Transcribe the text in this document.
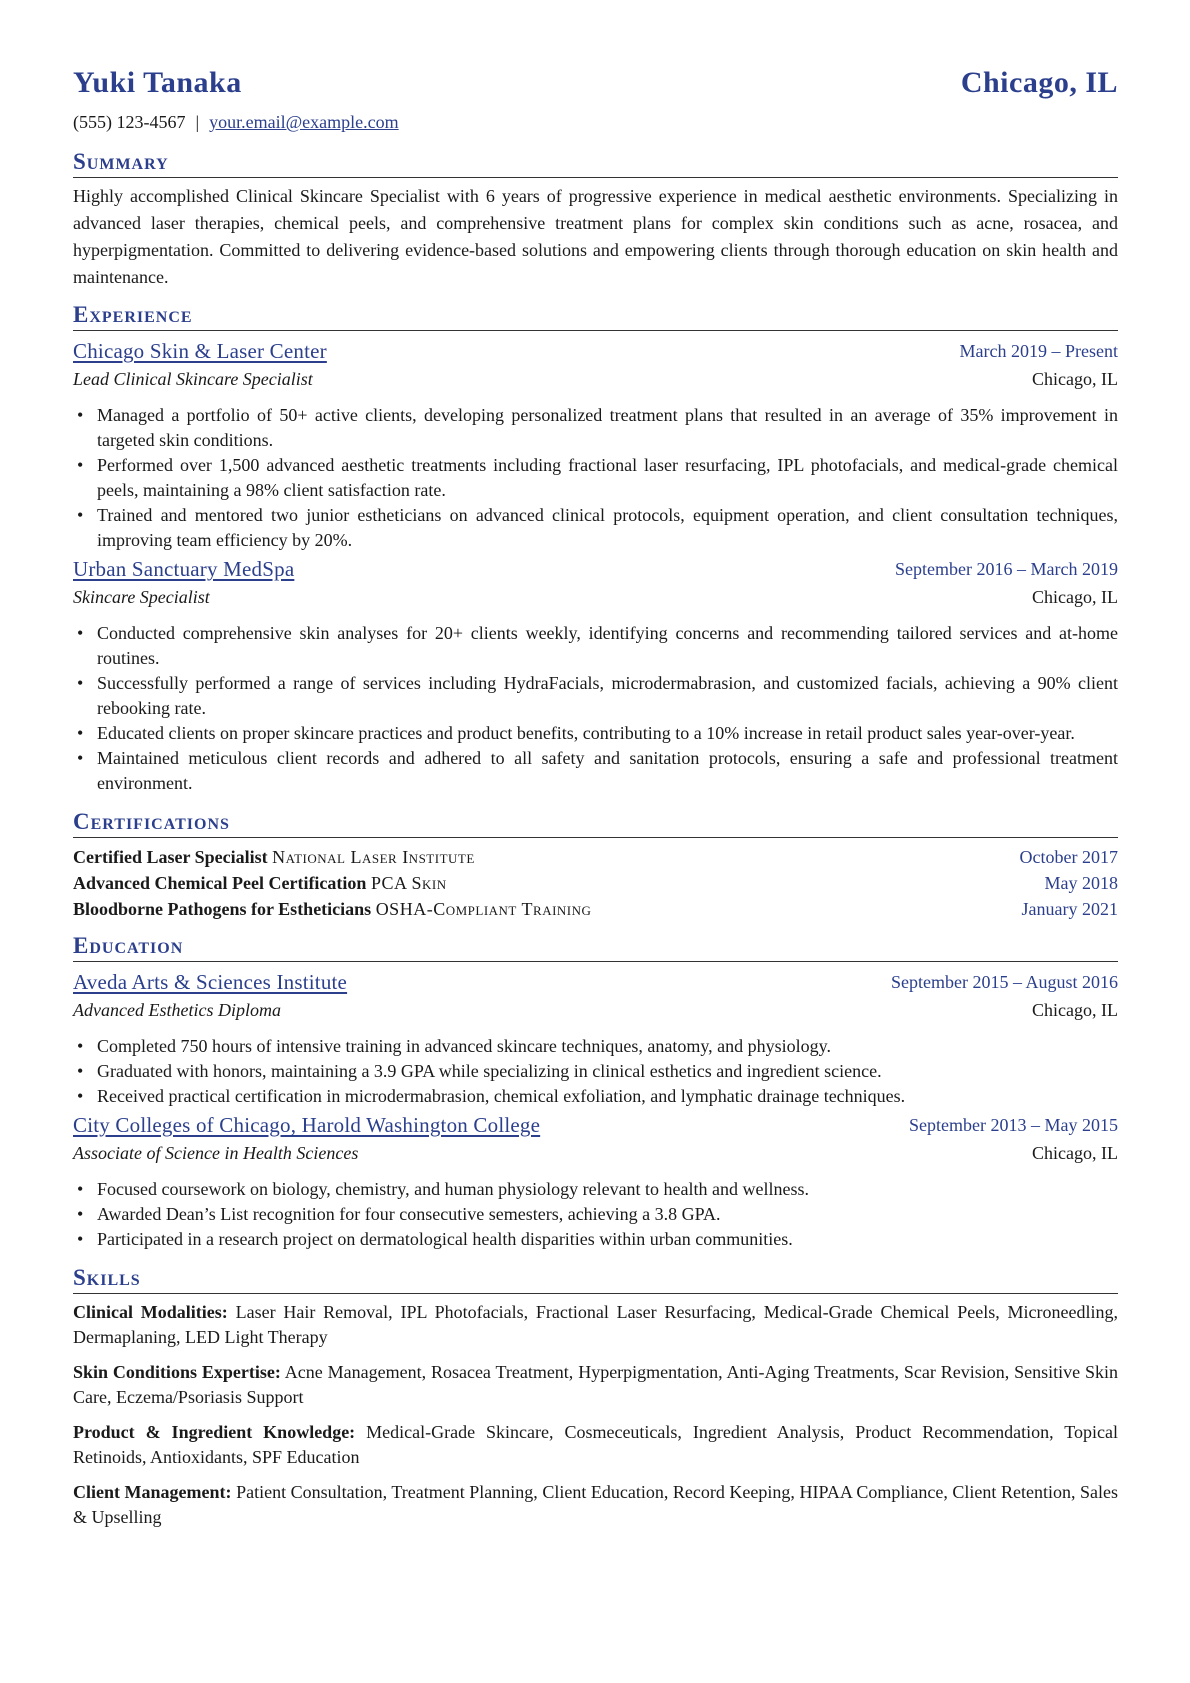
Yuki Tanaka	Chicago, IL
(555) 123-4567 | your.email@example.com
Summary
Highly accomplished Clinical Skincare Specialist with 6 years of progressive experience in medical aesthetic environments. Specializing in advanced laser therapies, chemical peels, and comprehensive treatment plans for complex skin conditions such as acne, rosacea, and hyperpigmentation. Committed to delivering evidence-based solutions and empowering clients through thorough education on skin health and maintenance.
Experience
Chicago Skin & Laser Center	March 2019 – Present
Lead Clinical Skincare Specialist	Chicago, IL
• Managed a portfolio of 50+ active clients, developing personalized treatment plans that resulted in an average of 35% improvement in targeted skin conditions.
• Performed over 1,500 advanced aesthetic treatments including fractional laser resurfacing, IPL photofacials, and medical-grade chemical peels, maintaining a 98% client satisfaction rate.
• Trained and mentored two junior estheticians on advanced clinical protocols, equipment operation, and client consultation techniques, improving team efficiency by 20%.
Urban Sanctuary MedSpa	September 2016 – March 2019
Skincare Specialist	Chicago, IL
• Conducted comprehensive skin analyses for 20+ clients weekly, identifying concerns and recommending tailored services and at-home routines.
• Successfully performed a range of services including HydraFacials, microdermabrasion, and customized facials, achieving a 90% client rebooking rate.
• Educated clients on proper skincare practices and product benefits, contributing to a 10% increase in retail product sales year-over-year.
• Maintained meticulous client records and adhered to all safety and sanitation protocols, ensuring a safe and professional treatment environment.
Certifications
Certified Laser Specialist National Laser Institute	October 2017
Advanced Chemical Peel Certification PCA Skin	May 2018
Bloodborne Pathogens for Estheticians OSHA-Compliant Training	January 2021
Education
Aveda Arts & Sciences Institute	September 2015 – August 2016
Advanced Esthetics Diploma	Chicago, IL
• Completed 750 hours of intensive training in advanced skincare techniques, anatomy, and physiology.
• Graduated with honors, maintaining a 3.9 GPA while specializing in clinical esthetics and ingredient science.
• Received practical certification in microdermabrasion, chemical exfoliation, and lymphatic drainage techniques.
City Colleges of Chicago, Harold Washington College	September 2013 – May 2015
Associate of Science in Health Sciences	Chicago, IL
• Focused coursework on biology, chemistry, and human physiology relevant to health and wellness.
• Awarded Dean’s List recognition for four consecutive semesters, achieving a 3.8 GPA.
• Participated in a research project on dermatological health disparities within urban communities.
Skills
Clinical Modalities: Laser Hair Removal, IPL Photofacials, Fractional Laser Resurfacing, Medical-Grade Chemical Peels, Microneedling, Dermaplaning, LED Light Therapy
Skin Conditions Expertise: Acne Management, Rosacea Treatment, Hyperpigmentation, Anti-Aging Treatments, Scar Revision, Sensitive Skin Care, Eczema/Psoriasis Support
Product & Ingredient Knowledge: Medical-Grade Skincare, Cosmeceuticals, Ingredient Analysis, Product Recommendation, Topical Retinoids, Antioxidants, SPF Education
Client Management: Patient Consultation, Treatment Planning, Client Education, Record Keeping, HIPAA Compliance, Client Retention, Sales & Upselling
